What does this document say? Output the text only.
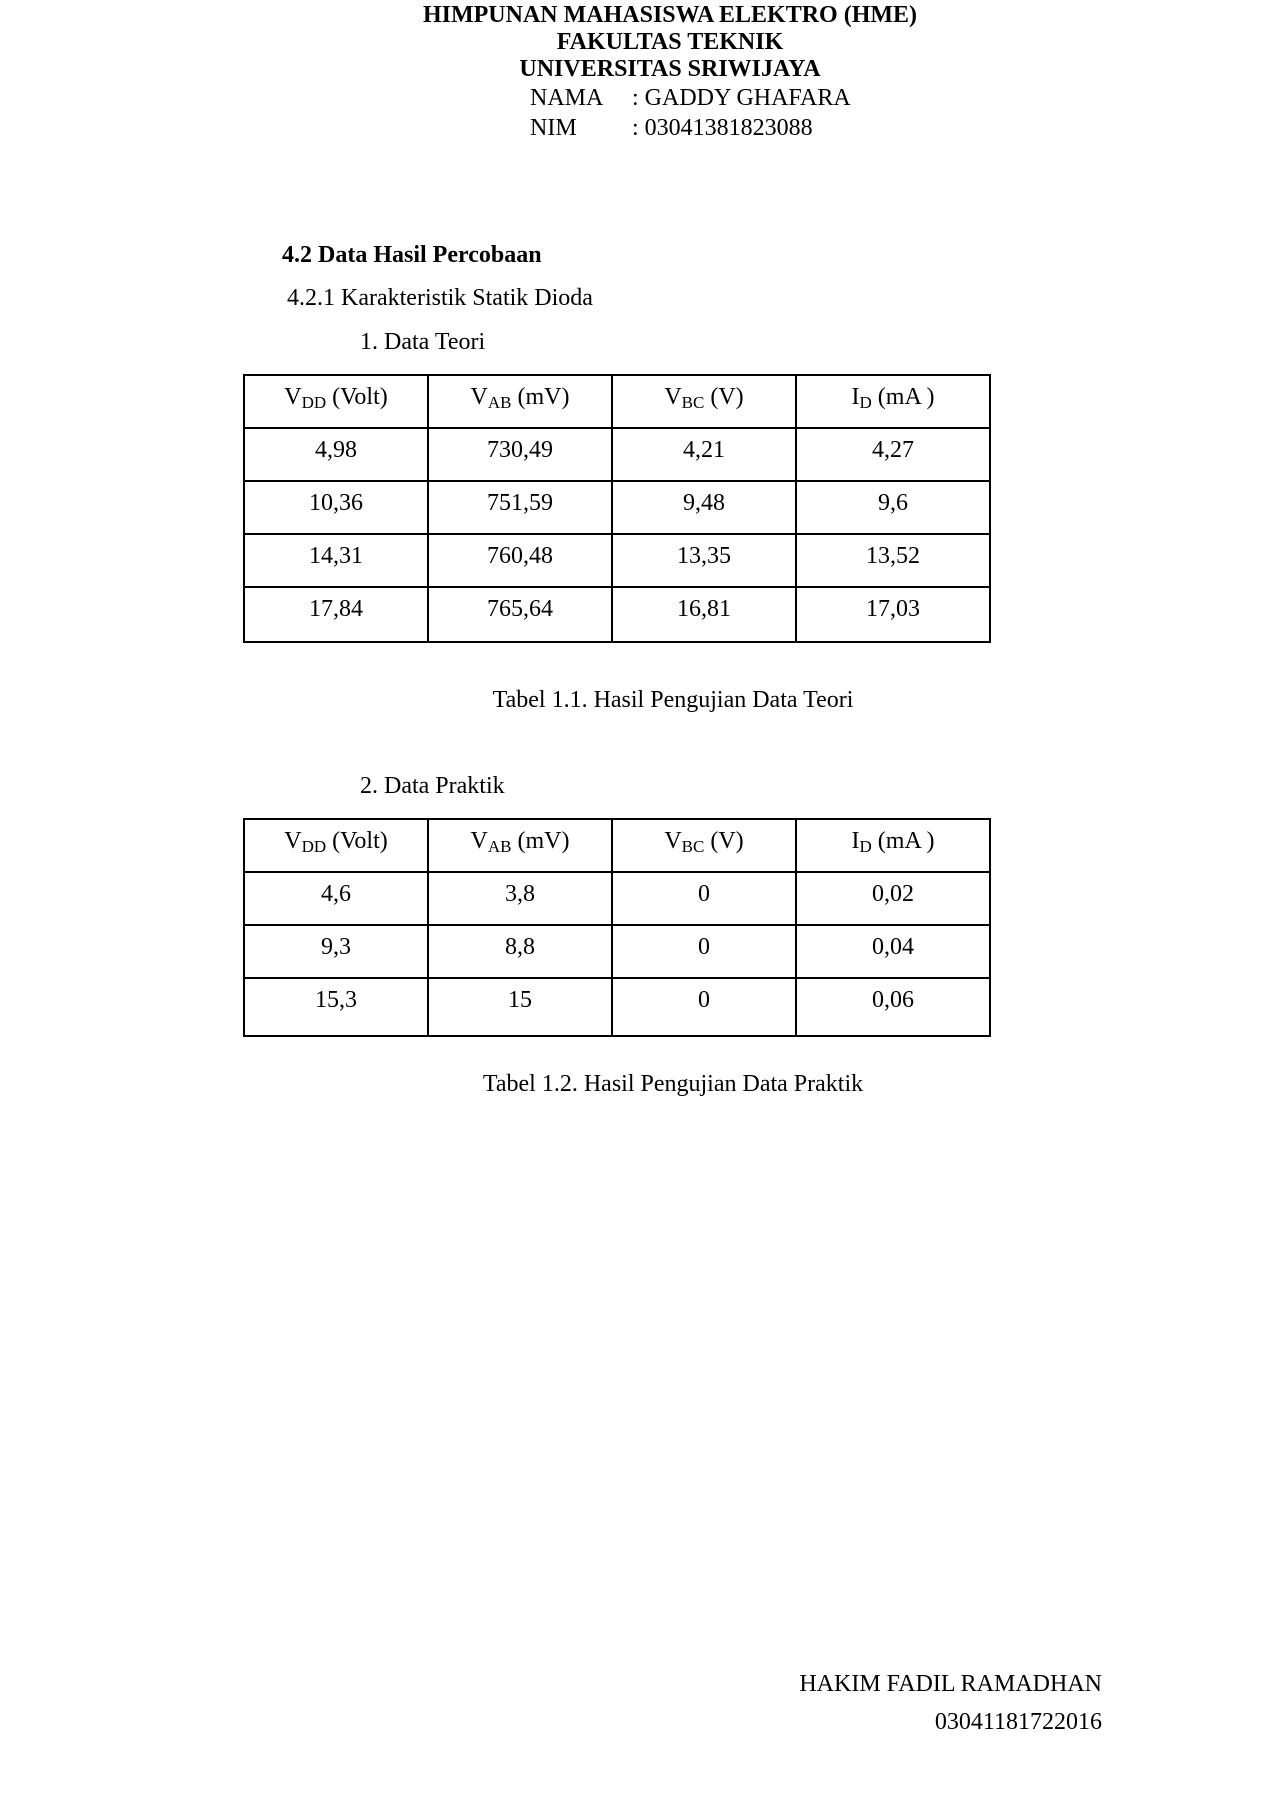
HIMPUNAN MAHASISWA ELEKTRO (HME)
FAKULTAS TEKNIK
UNIVERSITAS SRIWIJAYA
NAMA : GADDY GHAFARA
NIM : 03041381823088
4.2 Data Hasil Percobaan
4.2.1 Karakteristik Statik Dioda
1. Data Teori
$V_{DD}$ (Volt)	$V_{AB}$ (mV)	$V_{BC}$ (V)	$I_D$ (mA )
4,98	730,49	4,21	4,27
10,36	751,59	9,48	9,6
14,31	760,48	13,35	13,52
17,84	765,64	16,81	17,03
Tabel 1.1. Hasil Pengujian Data Teori
2. Data Praktik
$V_{DD}$ (Volt)	$V_{AB}$ (mV)	$V_{BC}$ (V)	$I_D$ (mA )
4,6	3,8	0	0,02
9,3	8,8	0	0,04
15,3	15	0	0,06
Tabel 1.2. Hasil Pengujian Data Praktik
HAKIM FADIL RAMADHAN
03041181722016
